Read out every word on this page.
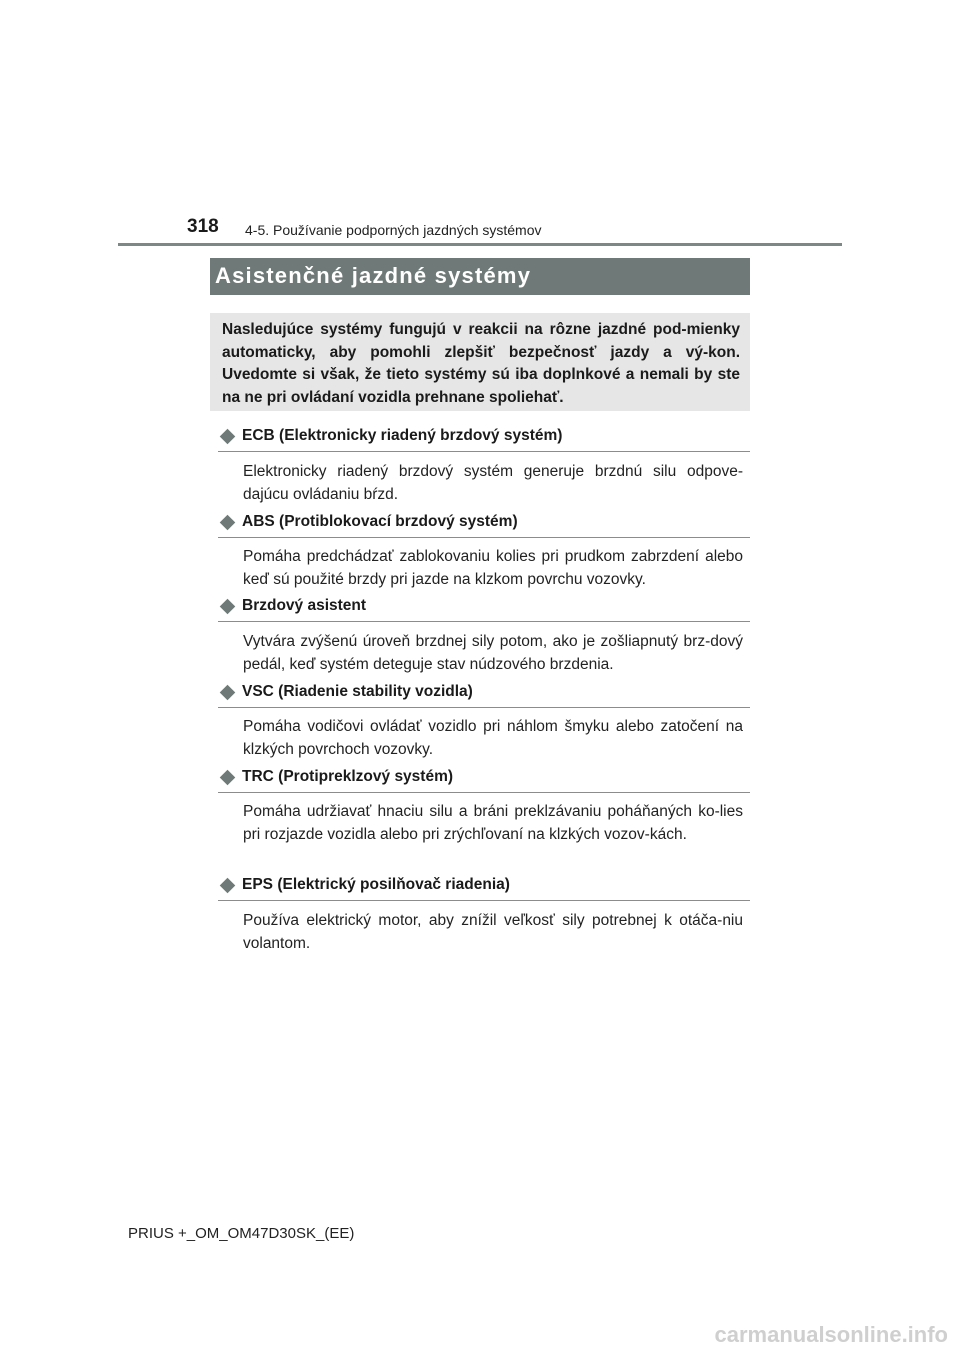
318 4-5. Používanie podporných jazdných systémov
Asistenčné jazdné systémy
Nasledujúce systémy fungujú v reakcii na rôzne jazdné pod-mienky automaticky, aby pomohli zlepšiť bezpečnosť jazdy a vý-kon. Uvedomte si však, že tieto systémy sú iba doplnkové a nemali by ste na ne pri ovládaní vozidla prehnane spoliehať.
ECB (Elektronicky riadený brzdový systém)
Elektronicky riadený brzdový systém generuje brzdnú silu odpove-dajúcu ovládaniu bŕzd.
ABS (Protiblokovací brzdový systém)
Pomáha predchádzať zablokovaniu kolies pri prudkom zabrzdení alebo keď sú použité brzdy pri jazde na klzkom povrchu vozovky.
Brzdový asistent
Vytvára zvýšenú úroveň brzdnej sily potom, ako je zošliapnutý brz-dový pedál, keď systém deteguje stav núdzového brzdenia.
VSC (Riadenie stability vozidla)
Pomáha vodičovi ovládať vozidlo pri náhlom šmyku alebo zatočení na klzkých povrchoch vozovky.
TRC (Protipreklzový systém)
Pomáha udržiavať hnaciu silu a bráni preklzávaniu poháňaných ko-lies pri rozjazde vozidla alebo pri zrýchľovaní na klzkých vozov-kách.
EPS (Elektrický posilňovač riadenia)
Používa elektrický motor, aby znížil veľkosť sily potrebnej k otáča-niu volantom.
PRIUS +_OM_OM47D30SK_(EE)
carmanualsonline.info
